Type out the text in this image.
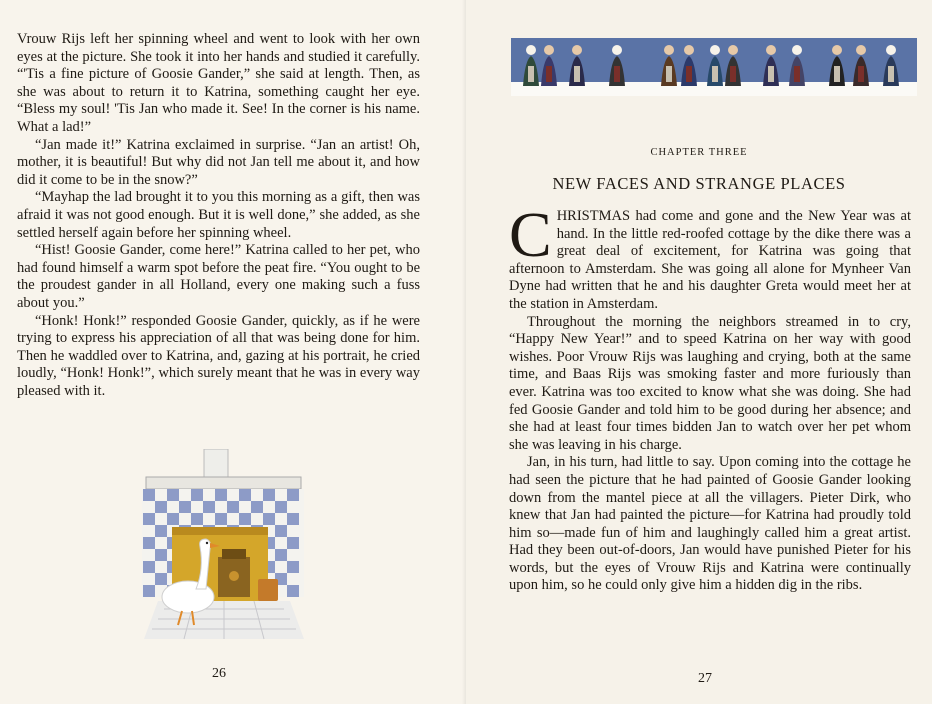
Vrouw Rijs left her spinning wheel and went to look with her own eyes at the picture. She took it into her hands and studied it carefully. “'Tis a fine picture of Goosie Gander,” she said at length. Then, as she was about to return it to Katrina, something caught her eye. “Bless my soul! 'Tis Jan who made it. See! In the corner is his name. What a lad!”

“Jan made it!” Katrina exclaimed in surprise. “Jan an artist! Oh, mother, it is beautiful! But why did not Jan tell me about it, and how did it come to be in the snow?”

“Mayhap the lad brought it to you this morning as a gift, then was afraid it was not good enough. But it is well done,” she added, as she settled herself again before her spinning wheel.

“Hist! Goosie Gander, come here!” Katrina called to her pet, who had found himself a warm spot before the peat fire. “You ought to be the proudest gander in all Holland, every one making such a fuss about you.”

“Honk! Honk!” responded Goosie Gander, quickly, as if he were trying to express his appreciation of all that was being done for him. Then he waddled over to Katrina, and, gazing at his portrait, he cried loudly, “Honk! Honk!”, which surely meant that he was in every way pleased with it.

26
CHAPTER THREE
NEW FACES AND STRANGE PLACES

CHRISTMAS had come and gone and the New Year was at hand. In the little red-roofed cottage by the dike there was a great deal of excitement, for Katrina was going that afternoon to Amsterdam. She was going all alone for Mynheer Van Dyne had written that he and his daughter Greta would meet her at the station in Amsterdam.

Throughout the morning the neighbors streamed in to cry, “Happy New Year!” and to speed Katrina on her way with good wishes. Poor Vrouw Rijs was laughing and crying, both at the same time, and Baas Rijs was smoking faster and more furiously than ever. Katrina was too excited to know what she was doing. She had fed Goosie Gander and told him to be good during her absence; and she had at least four times bidden Jan to watch over her pet whom she was leaving in his charge.

Jan, in his turn, had little to say. Upon coming into the cottage he had seen the picture that he had painted of Goosie Gander looking down from the mantel piece at all the villagers. Pieter Dirk, who knew that Jan had painted the picture—for Katrina had proudly told him so—made fun of him and laughingly called him a great artist. Had they been out-of-doors, Jan would have punished Pieter for his words, but the eyes of Vrouw Rijs and Katrina were continually upon him, so he could only give him a hidden dig in the ribs.

27
